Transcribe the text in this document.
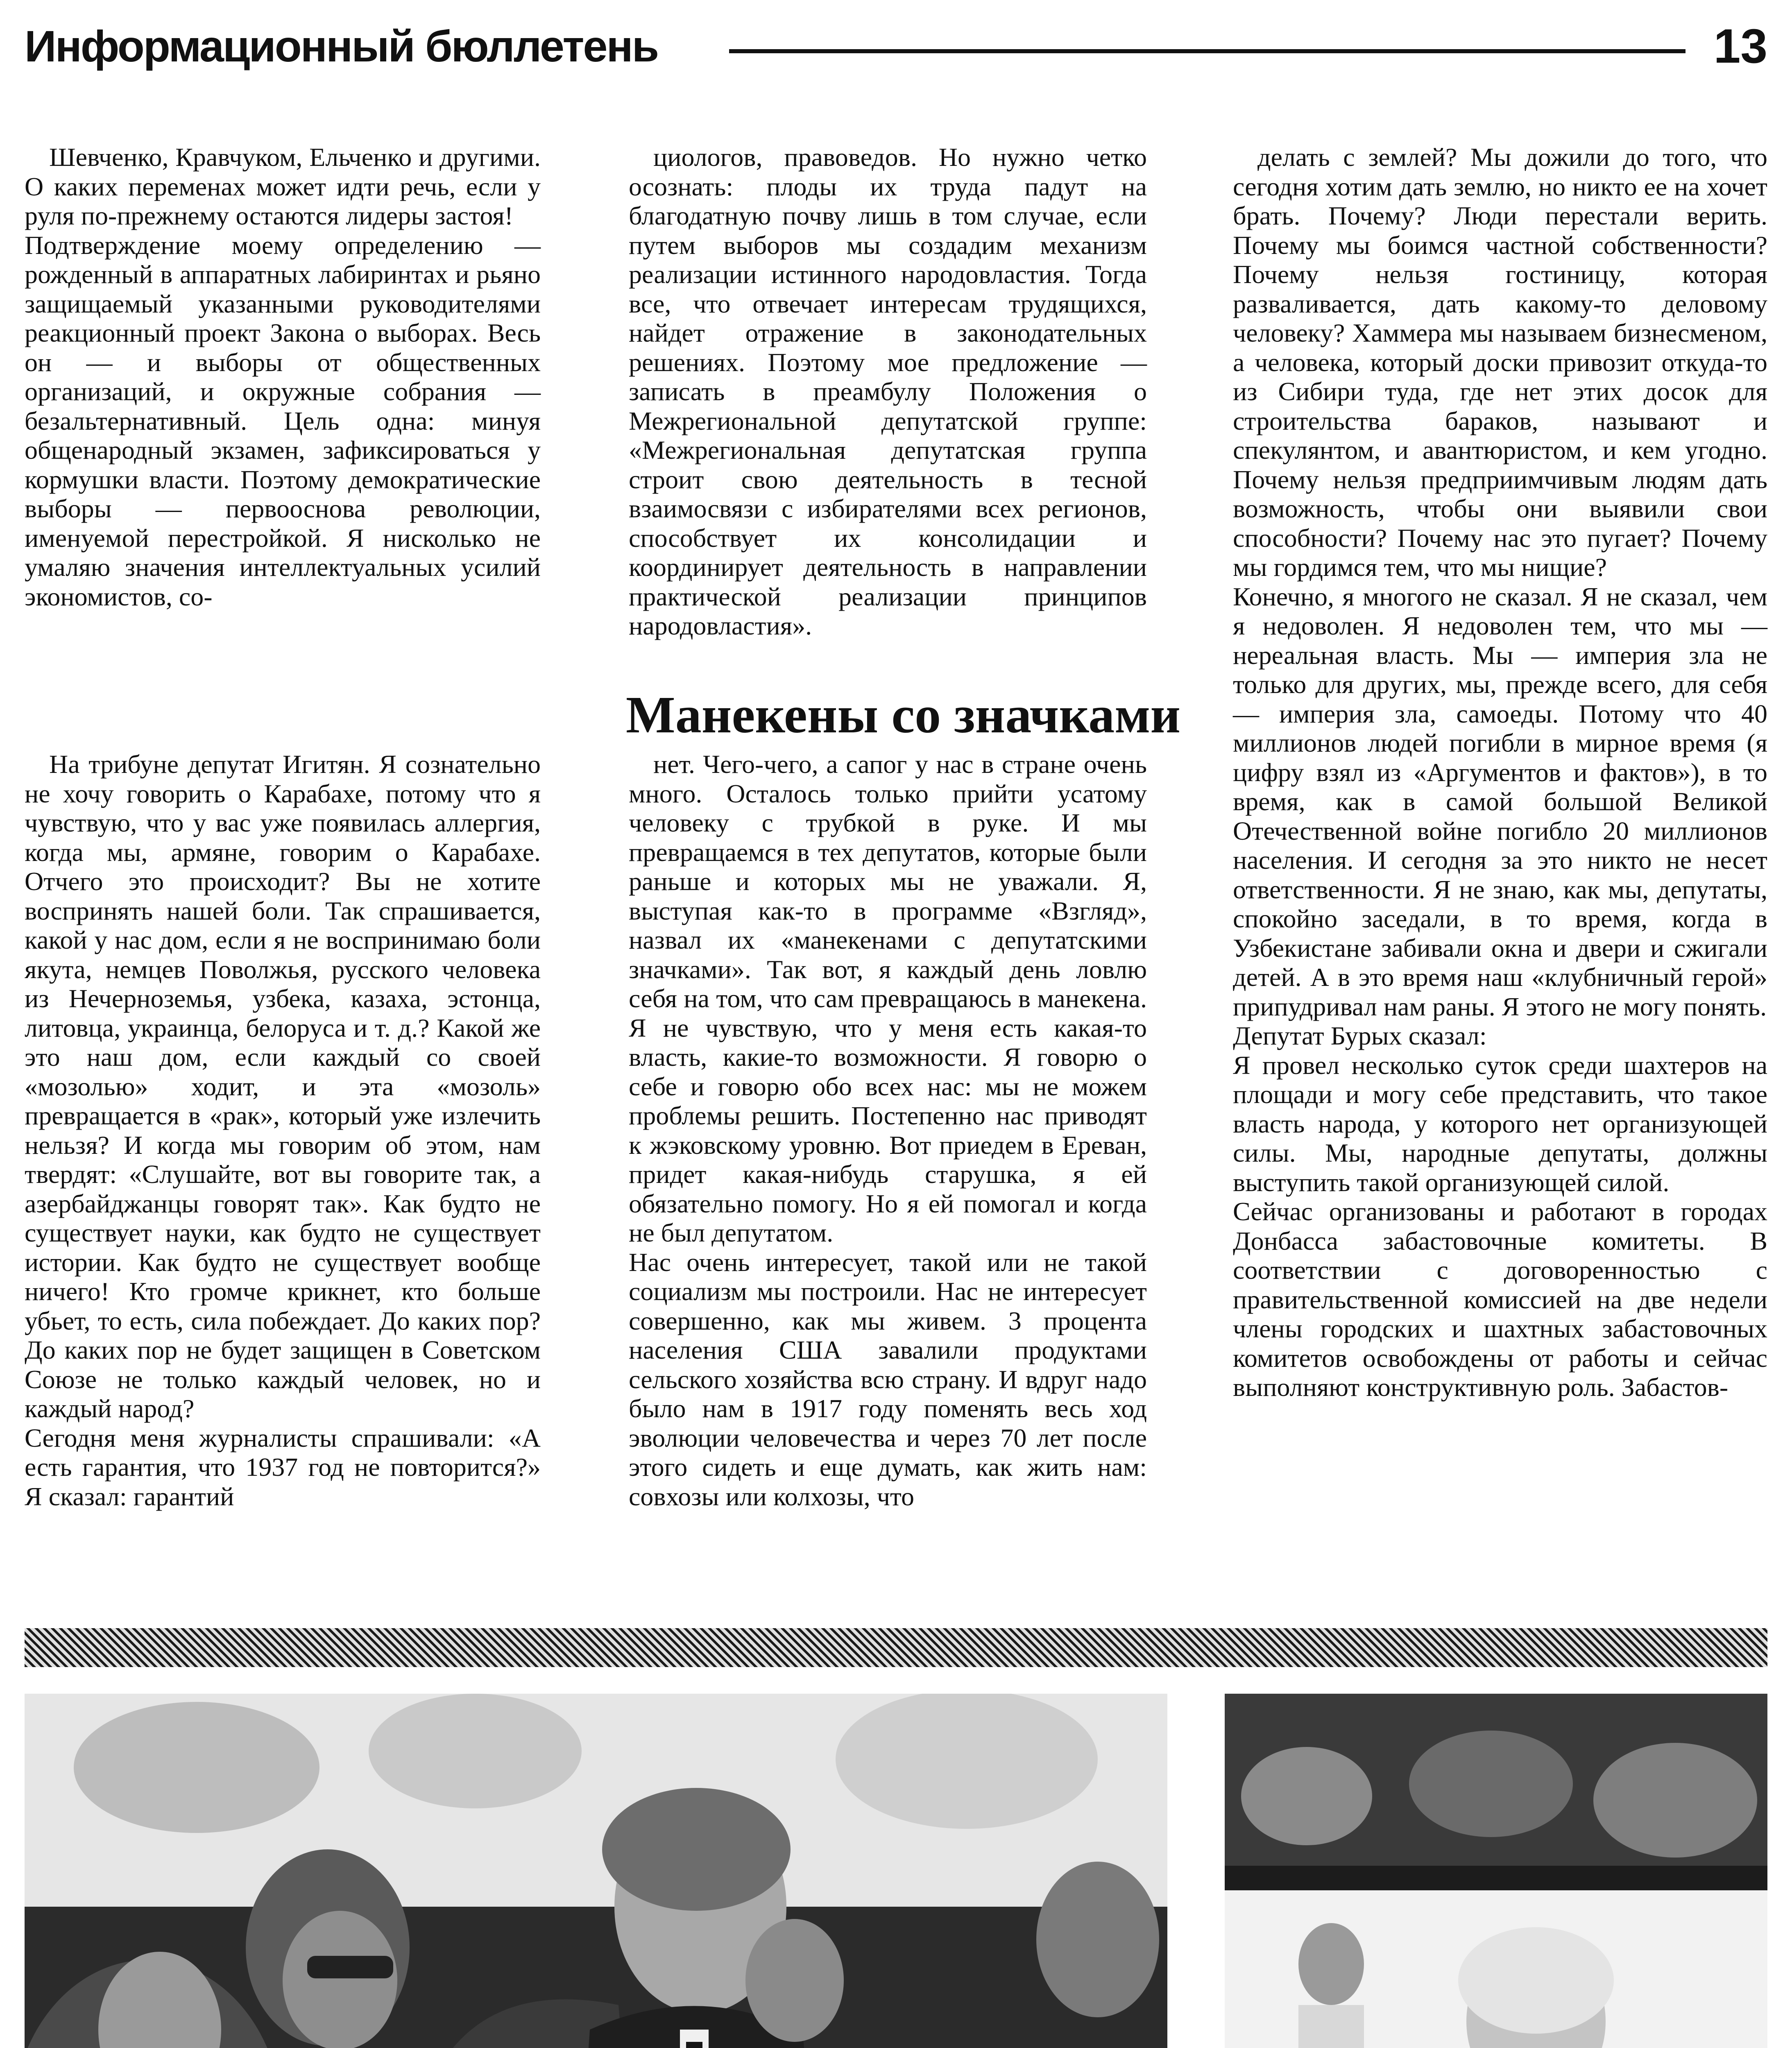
Информационный бюллетень	13

Шевченко, Кравчуком, Ельченко и другими. О каких переменах может идти речь, если у руля по-прежнему остаются лидеры застоя!
Подтверждение моему определению — рожденный в аппаратных лабиринтах и рьяно защищаемый указанными руководителями реакционный проект Закона о выборах. Весь он — и выборы от общественных организаций, и окружные собрания — безальтернативный. Цель одна: минуя общенародный экзамен, зафиксироваться у кормушки власти. Поэтому демократические выборы — первооснова революции, именуемой перестройкой. Я нисколько не умаляю значения интеллектуальных усилий экономистов, со-

циологов, правоведов. Но нужно четко осознать: плоды их труда падут на благодатную почву лишь в том случае, если путем выборов мы создадим механизм реализации истинного народовластия. Тогда все, что отвечает интересам трудящихся, найдет отражение в законодательных решениях. Поэтому мое предложение — записать в преамбулу Положения о Межрегиональной депутатской группе: «Межрегиональная депутатская группа строит свою деятельность в тесной взаимосвязи с избирателями всех регионов, способствует их консолидации и координирует деятельность в направлении практической реализации принципов народовластия».

Манекены со значками

На трибуне депутат Игитян. Я сознательно не хочу говорить о Карабахе, потому что я чувствую, что у вас уже появилась аллергия, когда мы, армяне, говорим о Карабахе. Отчего это происходит? Вы не хотите воспринять нашей боли. Так спрашивается, какой у нас дом, если я не воспринимаю боли якута, немцев Поволжья, русского человека из Нечерноземья, узбека, казаха, эстонца, литовца, украинца, белоруса и т. д.? Какой же это наш дом, если каждый со своей «мозолью» ходит, и эта «мозоль» превращается в «рак», который уже излечить нельзя? И когда мы говорим об этом, нам твердят: «Слушайте, вот вы говорите так, а азербайджанцы говорят так». Как будто не существует науки, как будто не существует истории. Как будто не существует вообще ничего! Кто громче крикнет, кто больше убьет, то есть, сила побеждает. До каких пор? До каких пор не будет защищен в Советском Союзе не только каждый человек, но и каждый народ?
Сегодня меня журналисты спрашивали: «А есть гарантия, что 1937 год не повторится?» Я сказал: гарантий

нет. Чего-чего, а сапог у нас в стране очень много. Осталось только прийти усатому человеку с трубкой в руке. И мы превращаемся в тех депутатов, которые были раньше и которых мы не уважали. Я, выступая как-то в программе «Взгляд», назвал их «манекенами с депутатскими значками». Так вот, я каждый день ловлю себя на том, что сам превращаюсь в манекена. Я не чувствую, что у меня есть какая-то власть, какие-то возможности. Я говорю о себе и говорю обо всех нас: мы не можем проблемы решить. Постепенно нас приводят к жэковскому уровню. Вот приедем в Ереван, придет какая-нибудь старушка, я ей обязательно помогу. Но я ей помогал и когда не был депутатом.
Нас очень интересует, такой или не такой социализм мы построили. Нас не интересует совершенно, как мы живем. 3 процента населения США завалили продуктами сельского хозяйства всю страну. И вдруг надо было нам в 1917 году поменять весь ход эволюции человечества и через 70 лет после этого сидеть и еще думать, как жить нам: совхозы или колхозы, что

делать с землей? Мы дожили до того, что сегодня хотим дать землю, но никто ее на хочет брать. Почему? Люди перестали верить. Почему мы боимся частной собственности? Почему нельзя гостиницу, которая разваливается, дать какому-то деловому человеку? Хаммера мы называем бизнесменом, а человека, который доски привозит откуда-то из Сибири туда, где нет этих досок для строительства бараков, называют и спекулянтом, и авантюристом, и кем угодно. Почему нельзя предприимчивым людям дать возможность, чтобы они выявили свои способности? Почему нас это пугает? Почему мы гордимся тем, что мы нищие?
Конечно, я многого не сказал. Я не сказал, чем я недоволен. Я недоволен тем, что мы — нереальная власть. Мы — империя зла не только для других, мы, прежде всего, для себя — империя зла, самоеды. Потому что 40 миллионов людей погибли в мирное время (я цифру взял из «Аргументов и фактов»), в то время, как в самой большой Великой Отечественной войне погибло 20 миллионов населения. И сегодня за это никто не несет ответственности. Я не знаю, как мы, депутаты, спокойно заседали, в то время, когда в Узбекистане забивали окна и двери и сжигали детей. А в это время наш «клубничный герой» припудривал нам раны. Я этого не могу понять.
Депутат Бурых сказал:
Я провел несколько суток среди шахтеров на площади и могу себе представить, что такое власть народа, у которого нет организующей силы. Мы, народные депутаты, должны выступить такой организующей силой.
Сейчас организованы и работают в городах Донбасса забастовочные комитеты. В соответствии с договоренностью с правительственной комиссией на две недели члены городских и шахтных забастовочных комитетов освобождены от работы и сейчас выполняют конструктивную роль. Забастов-
